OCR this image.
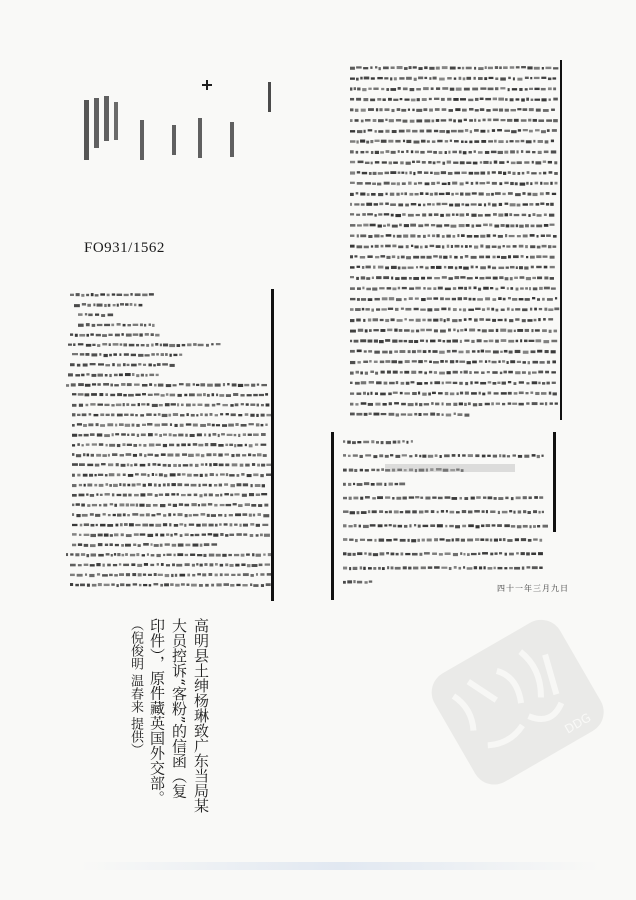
FO931/1562
四十一年三月九日
高明县土绅杨琳致广东当局某
大员控诉“客粉”的信函（复
印件），原件藏英国外交部。
（倪俊明 温春来 提供）	DDG
